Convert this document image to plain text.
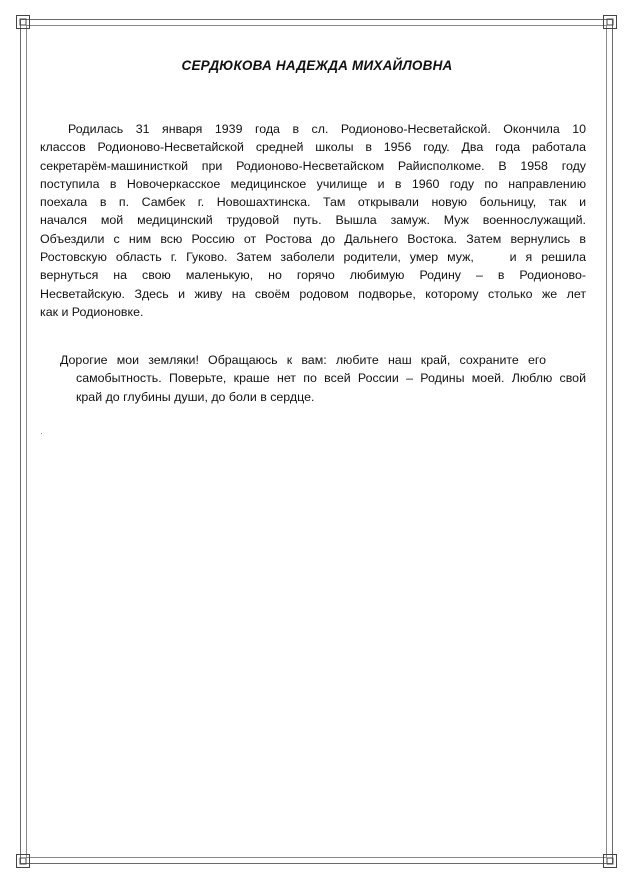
СЕРДЮКОВА НАДЕЖДА МИХАЙЛОВНА
Родилась 31 января 1939 года в сл. Родионово-Несветайской. Окончила 10
классов Родионово-Несветайской средней школы в 1956 году. Два года работала
секретарём-машинисткой при Родионово-Несветайском Райисполкоме. В 1958 году
поступила в Новочеркасское медицинское училище и в 1960 году по направлению
поехала в п. Самбек г. Новошахтинска. Там открывали новую больницу, так и
начался мой медицинский трудовой путь. Вышла замуж. Муж военнослужащий.
Объездили с ним всю Россию от Ростова до Дальнего Востока. Затем вернулись в
Ростовскую область г. Гуково. Затем заболели родители, умер муж,    и я решила
вернуться на свою маленькую, но горячо любимую Родину – в Родионово-
Несветайскую. Здесь и живу на своём родовом подворье, которому столько же лет
как и Родионовке.
Дорогие мои земляки! Обращаюсь к вам: любите наш край, сохраните его
самобытность. Поверьте, краше нет по всей России – Родины моей. Люблю свой
край до глубины души, до боли в сердце.
